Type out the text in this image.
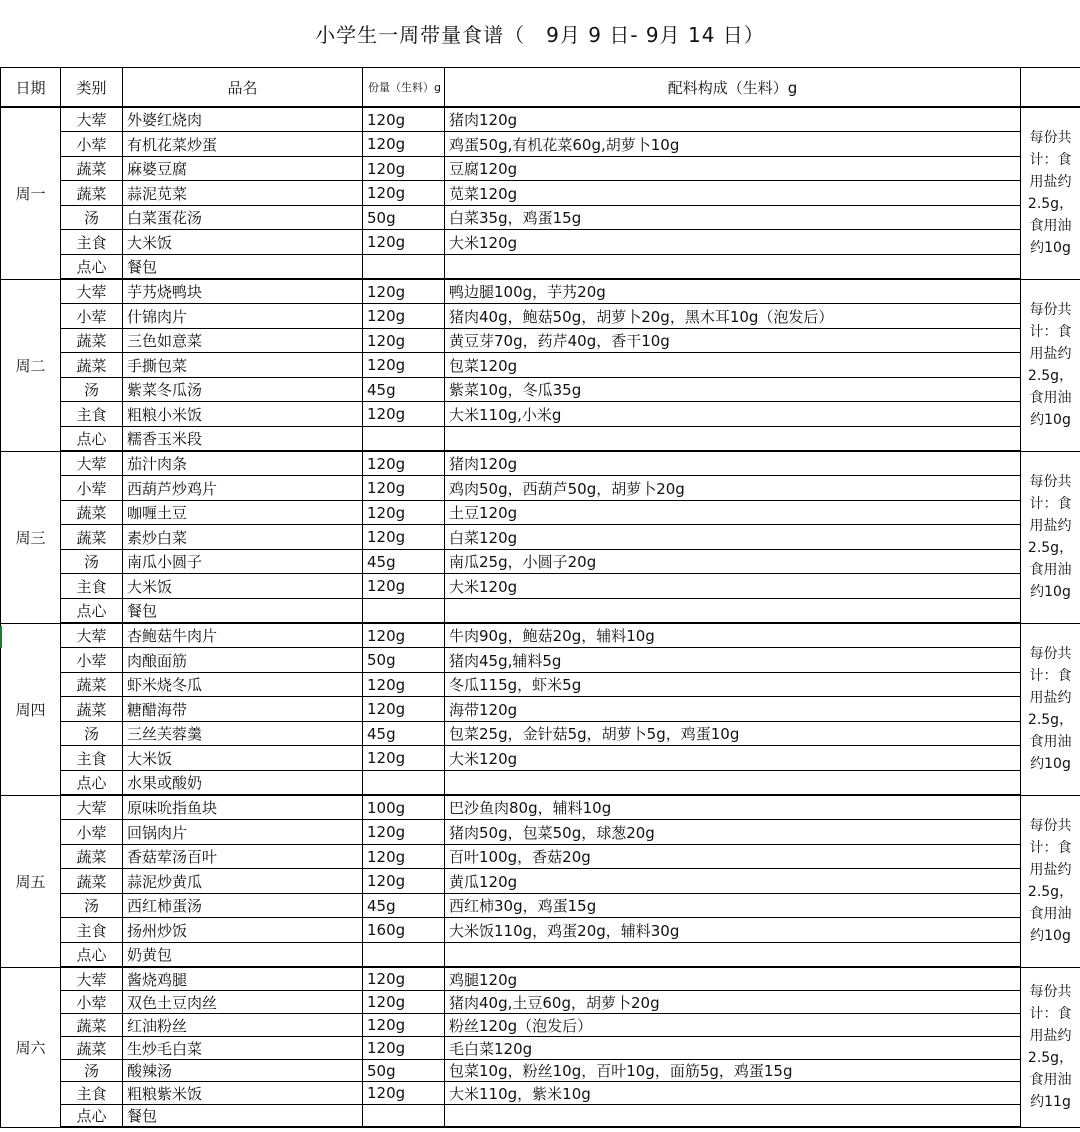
小学生一周带量食谱（　9月 9 日- 9月 14 日）
日期	类别	品名	份量（生料）g	配料构成（生料）g	
周一	大荤	外婆红烧肉	120g	猪肉120g	每份共计：食用盐约2.5g，食用油约10g
	小荤	有机花菜炒蛋	120g	鸡蛋50g,有机花菜60g,胡萝卜10g	
	蔬菜	麻婆豆腐	120g	豆腐120g	
	蔬菜	蒜泥苋菜	120g	苋菜120g	
	汤	白菜蛋花汤	50g	白菜35g，鸡蛋15g	
	主食	大米饭	120g	大米120g	
	点心	餐包			
周二	大荤	芋艿烧鸭块	120g	鸭边腿100g，芋艿20g	每份共计：食用盐约2.5g，食用油约10g
	小荤	什锦肉片	120g	猪肉40g，鲍菇50g，胡萝卜20g，黑木耳10g（泡发后）	
	蔬菜	三色如意菜	120g	黄豆芽70g，药芹40g，香干10g	
	蔬菜	手撕包菜	120g	包菜120g	
	汤	紫菜冬瓜汤	45g	紫菜10g，冬瓜35g	
	主食	粗粮小米饭	120g	大米110g,小米g	
	点心	糯香玉米段			
周三	大荤	茄汁肉条	120g	猪肉120g	每份共计：食用盐约2.5g，食用油约10g
	小荤	西葫芦炒鸡片	120g	鸡肉50g，西葫芦50g，胡萝卜20g	
	蔬菜	咖喱土豆	120g	土豆120g	
	蔬菜	素炒白菜	120g	白菜120g	
	汤	南瓜小圆子	45g	南瓜25g，小圆子20g	
	主食	大米饭	120g	大米120g	
	点心	餐包			
周四	大荤	杏鲍菇牛肉片	120g	牛肉90g，鲍菇20g，辅料10g	每份共计：食用盐约2.5g，食用油约10g
	小荤	肉酿面筋	50g	猪肉45g,辅料5g	
	蔬菜	虾米烧冬瓜	120g	冬瓜115g，虾米5g	
	蔬菜	糖醋海带	120g	海带120g	
	汤	三丝芙蓉羹	45g	包菜25g，金针菇5g，胡萝卜5g，鸡蛋10g	
	主食	大米饭	120g	大米120g	
	点心	水果或酸奶			
周五	大荤	原味吮指鱼块	100g	巴沙鱼肉80g，辅料10g	每份共计：食用盐约2.5g，食用油约10g
	小荤	回锅肉片	120g	猪肉50g，包菜50g，球葱20g	
	蔬菜	香菇荤汤百叶	120g	百叶100g，香菇20g	
	蔬菜	蒜泥炒黄瓜	120g	黄瓜120g	
	汤	西红柿蛋汤	45g	西红柿30g，鸡蛋15g	
	主食	扬州炒饭	160g	大米饭110g，鸡蛋20g，辅料30g	
	点心	奶黄包			
周六	大荤	酱烧鸡腿	120g	鸡腿120g	每份共计：食用盐约2.5g，食用油约11g
	小荤	双色土豆肉丝	120g	猪肉40g,土豆60g，胡萝卜20g	
	蔬菜	红油粉丝	120g	粉丝120g（泡发后）	
	蔬菜	生炒毛白菜	120g	毛白菜120g	
	汤	酸辣汤	50g	包菜10g，粉丝10g，百叶10g，面筋5g，鸡蛋15g	
	主食	粗粮紫米饭	120g	大米110g，紫米10g	
	点心	餐包			
